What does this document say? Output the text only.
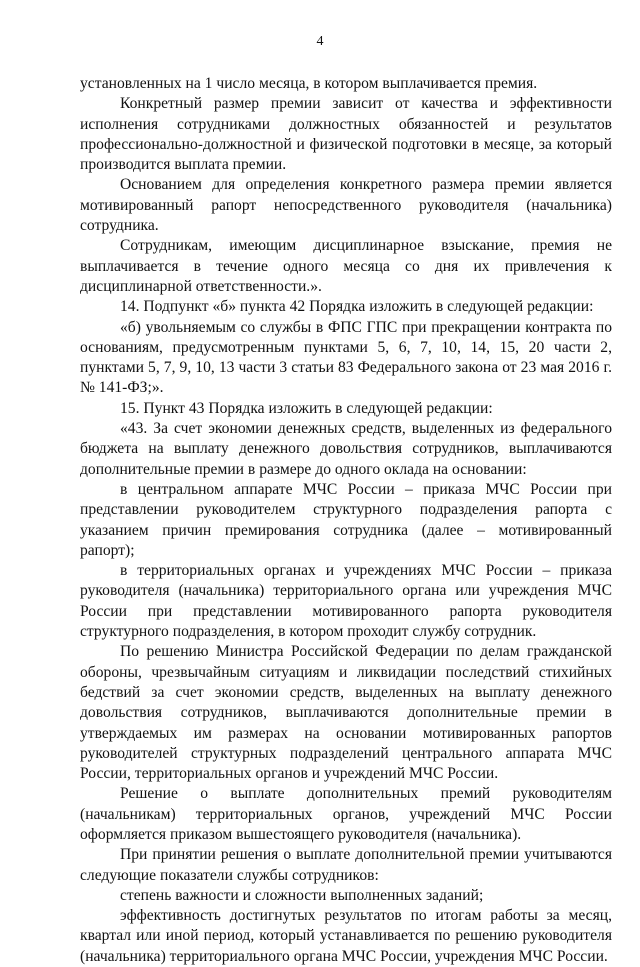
4

установленных на 1 число месяца, в котором выплачивается премия.

Конкретный размер премии зависит от качества и эффективности исполнения сотрудниками должностных обязанностей и результатов профессионально-должностной и физической подготовки в месяце, за который производится выплата премии.

Основанием для определения конкретного размера премии является мотивированный рапорт непосредственного руководителя (начальника) сотрудника.

Сотрудникам, имеющим дисциплинарное взыскание, премия не выплачивается в течение одного месяца со дня их привлечения к дисциплинарной ответственности.».

14. Подпункт «б» пункта 42 Порядка изложить в следующей редакции:

«б) увольняемым со службы в ФПС ГПС при прекращении контракта по основаниям, предусмотренным пунктами 5, 6, 7, 10, 14, 15, 20 части 2, пунктами 5, 7, 9, 10, 13 части 3 статьи 83 Федерального закона от 23 мая 2016 г. № 141-ФЗ;».

15. Пункт 43 Порядка изложить в следующей редакции:

«43. За счет экономии денежных средств, выделенных из федерального бюджета на выплату денежного довольствия сотрудников, выплачиваются дополнительные премии в размере до одного оклада на основании:

в центральном аппарате МЧС России – приказа МЧС России при представлении руководителем структурного подразделения рапорта с указанием причин премирования сотрудника (далее – мотивированный рапорт);

в территориальных органах и учреждениях МЧС России – приказа руководителя (начальника) территориального органа или учреждения МЧС России при представлении мотивированного рапорта руководителя структурного подразделения, в котором проходит службу сотрудник.

По решению Министра Российской Федерации по делам гражданской обороны, чрезвычайным ситуациям и ликвидации последствий стихийных бедствий за счет экономии средств, выделенных на выплату денежного довольствия сотрудников, выплачиваются дополнительные премии в утверждаемых им размерах на основании мотивированных рапортов руководителей структурных подразделений центрального аппарата МЧС России, территориальных органов и учреждений МЧС России.

Решение о выплате дополнительных премий руководителям (начальникам) территориальных органов, учреждений МЧС России оформляется приказом вышестоящего руководителя (начальника).

При принятии решения о выплате дополнительной премии учитываются следующие показатели службы сотрудников:

степень важности и сложности выполненных заданий;

эффективность достигнутых результатов по итогам работы за месяц, квартал или иной период, который устанавливается по решению руководителя (начальника) территориального органа МЧС России, учреждения МЧС России.
